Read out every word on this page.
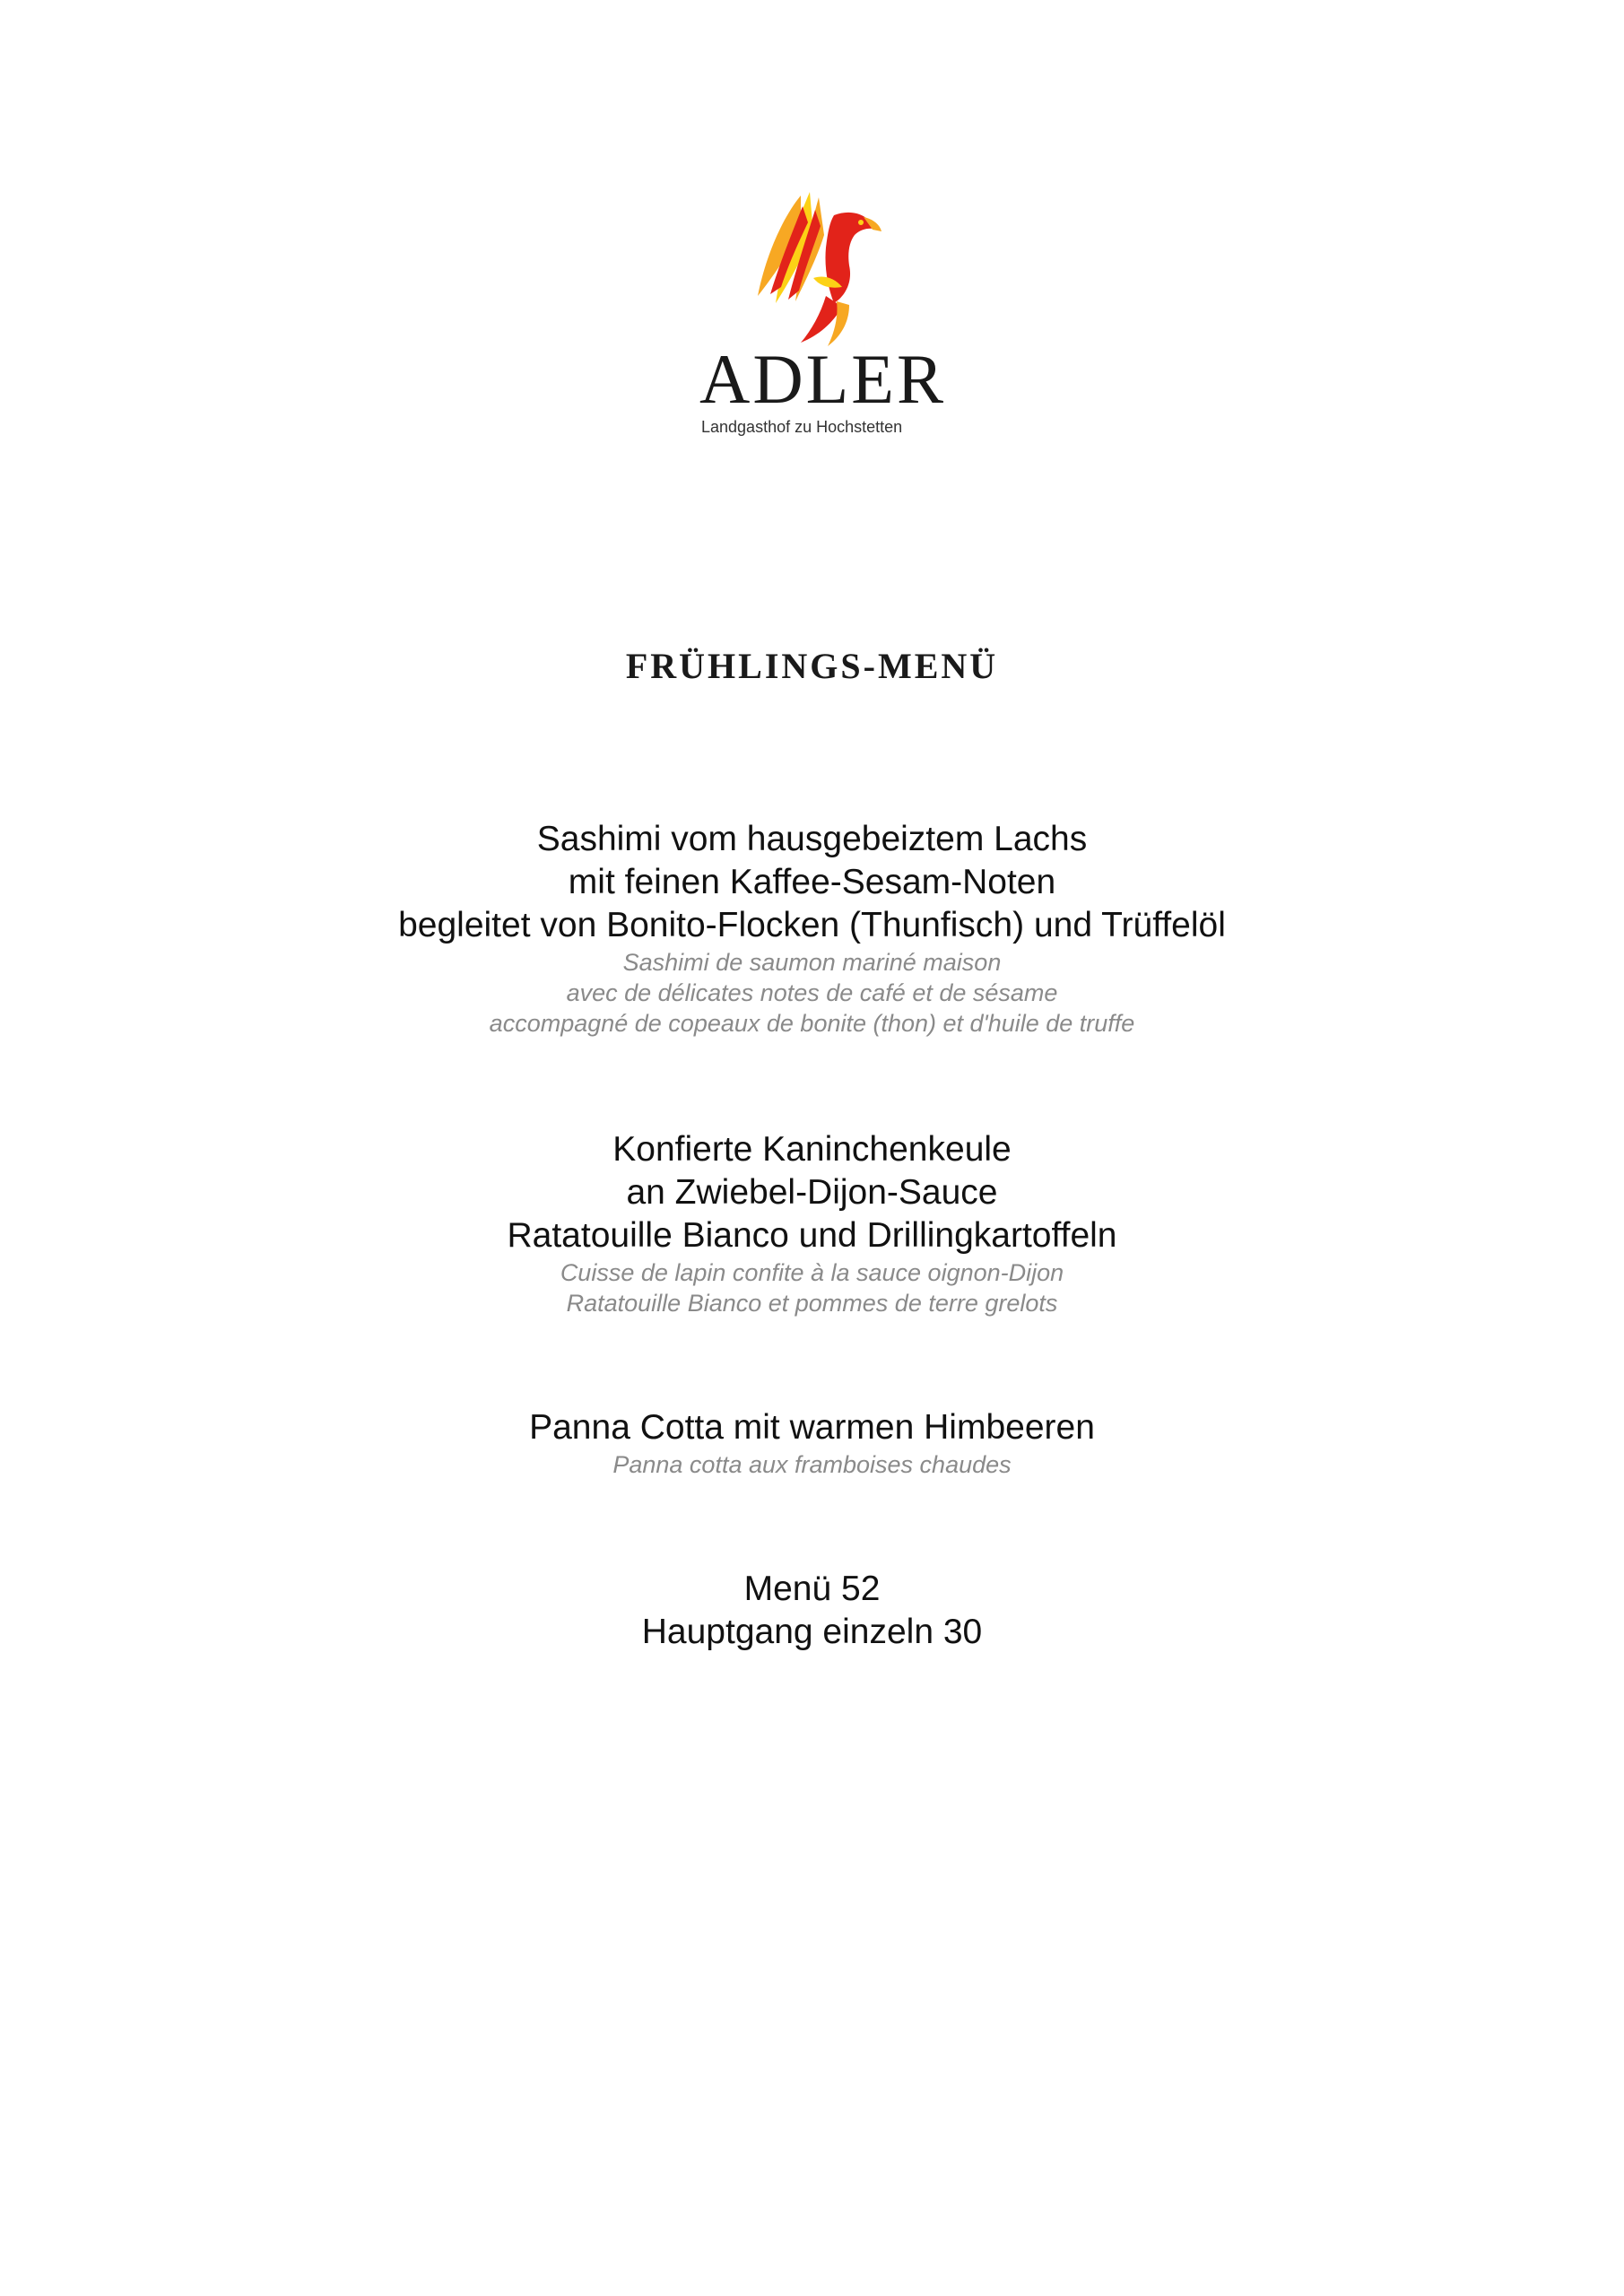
ADLER
Landgasthof zu Hochstetten
FRÜHLINGS-MENÜ
Sashimi vom hausgebeiztem Lachs
mit feinen Kaffee-Sesam-Noten
begleitet von Bonito-Flocken (Thunfisch) und Trüffelöl
Sashimi de saumon mariné maison
avec de délicates notes de café et de sésame
accompagné de copeaux de bonite (thon) et d'huile de truffe
Konfierte Kaninchenkeule
an Zwiebel-Dijon-Sauce
Ratatouille Bianco und Drillingkartoffeln
Cuisse de lapin confite à la sauce oignon-Dijon
Ratatouille Bianco et pommes de terre grelots
Panna Cotta mit warmen Himbeeren
Panna cotta aux framboises chaudes
Menü 52
Hauptgang einzeln 30
